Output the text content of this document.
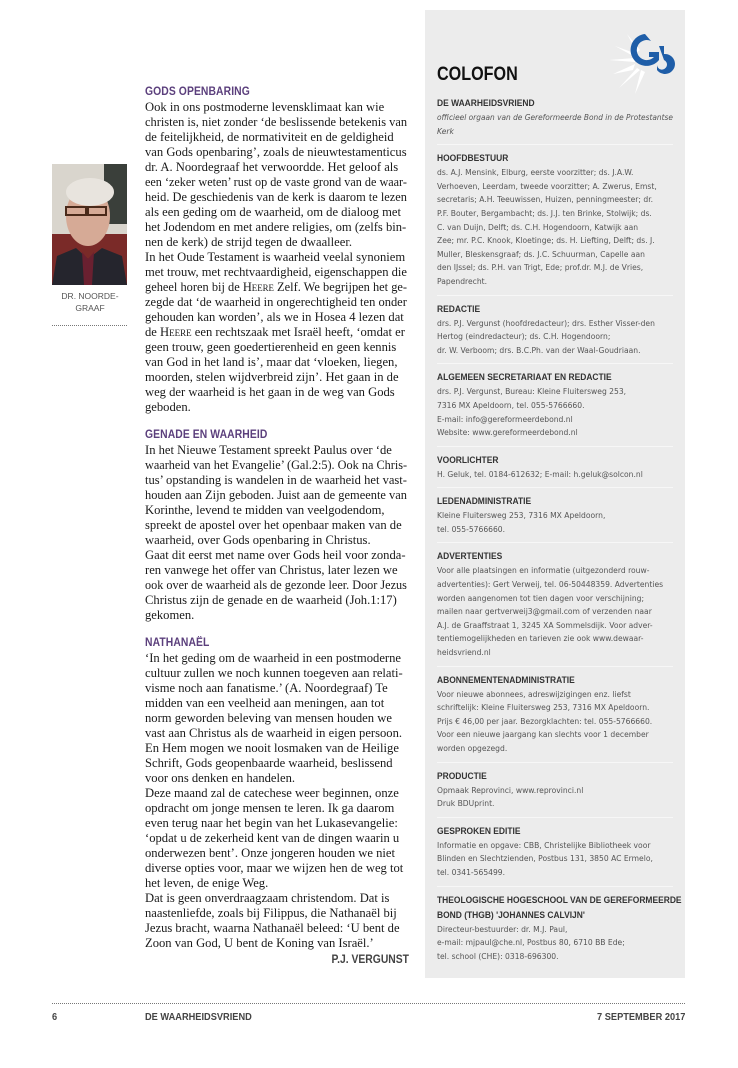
GODS OPENBARING
Ook in ons postmoderne levensklimaat kan wie
christen is, niet zonder ‘de beslissende betekenis van
de feitelijkheid, de normativiteit en de geldigheid
van Gods openbaring’, zoals de nieuwtestamenticus
dr. A. Noordegraaf het verwoordde. Het geloof als
een ‘zeker weten’ rust op de vaste grond van de waar-
heid. De geschiedenis van de kerk is daarom te lezen
als een geding om de waarheid, om de dialoog met
het Jodendom en met andere religies, om (zelfs bin-
nen de kerk) de strijd tegen de dwaalleer.
In het Oude Testament is waarheid veelal synoniem
met trouw, met rechtvaardigheid, eigenschappen die
geheel horen bij de Heere Zelf. We begrijpen het ge-
zegde dat ‘de waarheid in ongerechtigheid ten onder
gehouden kan worden’, als we in Hosea 4 lezen dat
de Heere een rechtszaak met Israël heeft, ‘omdat er
geen trouw, geen goedertierenheid en geen kennis
van God in het land is’, maar dat ‘vloeken, liegen,
moorden, stelen wijdverbreid zijn’. Het gaan in de
weg der waarheid is het gaan in de weg van Gods
geboden.
GENADE EN WAARHEID
In het Nieuwe Testament spreekt Paulus over ‘de
waarheid van het Evangelie’ (Gal.2:5). Ook na Chris-
tus’ opstanding is wandelen in de waarheid het vast-
houden aan Zijn geboden. Juist aan de gemeente van
Korinthe, levend te midden van veelgodendom,
spreekt de apostel over het openbaar maken van de
waarheid, over Gods openbaring in Christus.
Gaat dit eerst met name over Gods heil voor zonda-
ren vanwege het offer van Christus, later lezen we
ook over de waarheid als de gezonde leer. Door Jezus
Christus zijn de genade en de waarheid (Joh.1:17)
gekomen.
NATHANAËL
‘In het geding om de waarheid in een postmoderne
cultuur zullen we noch kunnen toegeven aan relati-
visme noch aan fanatisme.’ (A. Noordegraaf) Te
midden van een veelheid aan meningen, aan tot
norm geworden beleving van mensen houden we
vast aan Christus als de waarheid in eigen persoon.
En Hem mogen we nooit losmaken van de Heilige
Schrift, Gods geopenbaarde waarheid, beslissend
voor ons denken en handelen.
Deze maand zal de catechese weer beginnen, onze
opdracht om jonge mensen te leren. Ik ga daarom
even terug naar het begin van het Lukasevangelie:
‘opdat u de zekerheid kent van de dingen waarin u
onderwezen bent’. Onze jongeren houden we niet
diverse opties voor, maar we wijzen hen de weg tot
het leven, de enige Weg.
Dat is geen onverdraagzaam christendom. Dat is
naastenliefde, zoals bij Filippus, die Nathanaël bij
Jezus bracht, waarna Nathanaël beleed: ‘U bent de
Zoon van God, U bent de Koning van Israël.’
P.J. VERGUNST
DR. NOORDE-
GRAAF
COLOFON
DE WAARHEIDSVRIEND
officieel orgaan van de Gereformeerde Bond in de Protestantse
Kerk
HOOFDBESTUUR
ds. A.J. Mensink, Elburg, eerste voorzitter; ds. J.A.W.
Verhoeven, Leerdam, tweede voorzitter; A. Zwerus, Emst,
secretaris; A.H. Teeuwissen, Huizen, penningmeester; dr.
P.F. Bouter, Bergambacht; ds. J.J. ten Brinke, Stolwijk; ds.
C. van Duijn, Delft; ds. C.H. Hogendoorn, Katwijk aan
Zee; mr. P.C. Knook, Kloetinge; ds. H. Liefting, Delft; ds. J.
Muller, Bleskensgraaf; ds. J.C. Schuurman, Capelle aan
den IJssel; ds. P.H. van Trigt, Ede; prof.dr. M.J. de Vries,
Papendrecht.
REDACTIE
drs. P.J. Vergunst (hoofdredacteur); drs. Esther Visser-den
Hertog (eindredacteur); ds. C.H. Hogendoorn;
dr. W. Verboom; drs. B.C.Ph. van der Waal-Goudriaan.
ALGEMEEN SECRETARIAAT EN REDACTIE
drs. P.J. Vergunst, Bureau: Kleine Fluitersweg 253,
7316 MX Apeldoorn, tel. 055-5766660.
E-mail: info@gereformeerdebond.nl
Website: www.gereformeerdebond.nl
VOORLICHTER
H. Geluk, tel. 0184-612632; E-mail: h.geluk@solcon.nl
LEDENADMINISTRATIE
Kleine Fluitersweg 253, 7316 MX Apeldoorn,
tel. 055-5766660.
ADVERTENTIES
Voor alle plaatsingen en informatie (uitgezonderd rouw-
advertenties): Gert Verweij, tel. 06-50448359. Advertenties
worden aangenomen tot tien dagen voor verschijning;
mailen naar gertverweij3@gmail.com of verzenden naar
A.J. de Graaffstraat 1, 3245 XA Sommelsdijk. Voor adver-
tentiemogelijkheden en tarieven zie ook www.dewaar-
heidsvriend.nl
ABONNEMENTENADMINISTRATIE
Voor nieuwe abonnees, adreswijzigingen enz. liefst
schriftelijk: Kleine Fluitersweg 253, 7316 MX Apeldoorn.
Prijs € 46,00 per jaar. Bezorgklachten: tel. 055-5766660.
Voor een nieuwe jaargang kan slechts voor 1 december
worden opgezegd.
PRODUCTIE
Opmaak Reprovinci, www.reprovinci.nl
Druk BDUprint.
GESPROKEN EDITIE
Informatie en opgave: CBB, Christelijke Bibliotheek voor
Blinden en Slechtzienden, Postbus 131, 3850 AC Ermelo,
tel. 0341-565499.
THEOLOGISCHE HOGESCHOOL VAN DE GEREFORMEERDE
BOND (THGB) 'JOHANNES CALVIJN'
Directeur-bestuurder: dr. M.J. Paul,
e-mail: mjpaul@che.nl, Postbus 80, 6710 BB Ede;
tel. school (CHE): 0318-696300.
6	DE WAARHEIDSVRIEND	7 SEPTEMBER 2017
